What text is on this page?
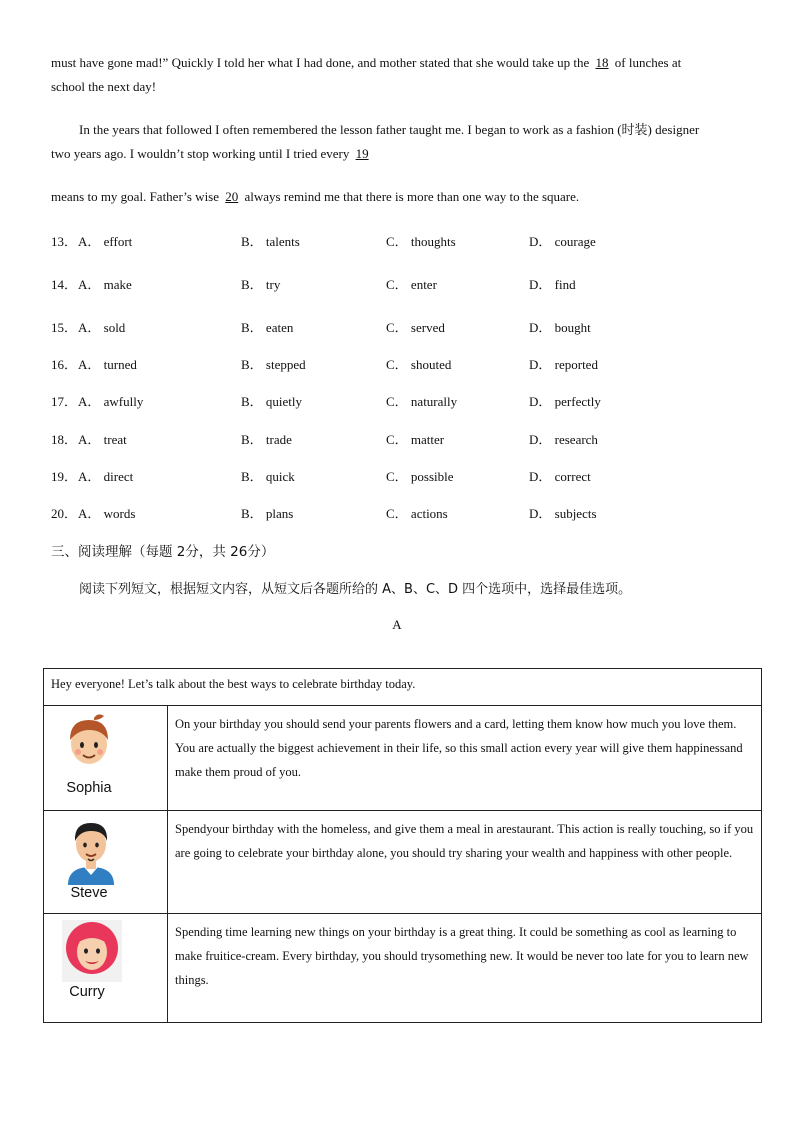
must have gone mad!” Quickly I told her what I had done, and mother stated that she would take up the 18 of lunches at
school the next day!
In the years that followed I often remembered the lesson father taught me. I began to work as a fashion (时装) designer
two years ago. I wouldn’t stop working until I tried every 19
means to my goal. Father’s wise 20 always remind me that there is more than one way to the square.
13． A． effort	B． talents	C． thoughts	D． courage
14． A． make	B． try	C． enter	D． find
15． A． sold	B． eaten	C． served	D． bought
16． A． turned	B． stepped	C． shouted	D． reported
17． A． awfully	B． quietly	C． naturally	D． perfectly
18． A． treat	B． trade	C． matter	D． research
19． A． direct	B． quick	C． possible	D． correct
20． A． words	B． plans	C． actions	D． subjects
三、阅读理解（每题 2分，共 26分）
阅读下列短文，根据短文内容，从短文后各题所给的 A、B、C、D 四个选项中，选择最佳选项。
A
Hey everyone! Let’s talk about the best ways to celebrate birthday today.	

Sophia	On your birthday you should send your parents flowers and a card, letting them know how much you love them. You are actually the biggest achievement in their life, so this small action every year will give them happinessand make them proud of you.

Steve	Spendyour birthday with the homeless, and give them a meal in arestaurant. This action is really touching, so if you are going to celebrate your birthday alone, you should try sharing your wealth and happiness with other people.

Curry	Spending time learning new things on your birthday is a great thing. It could be something as cool as learning to make fruitice-cream. Every birthday, you should trysomething new. It would be never too late for you to learn new things.
